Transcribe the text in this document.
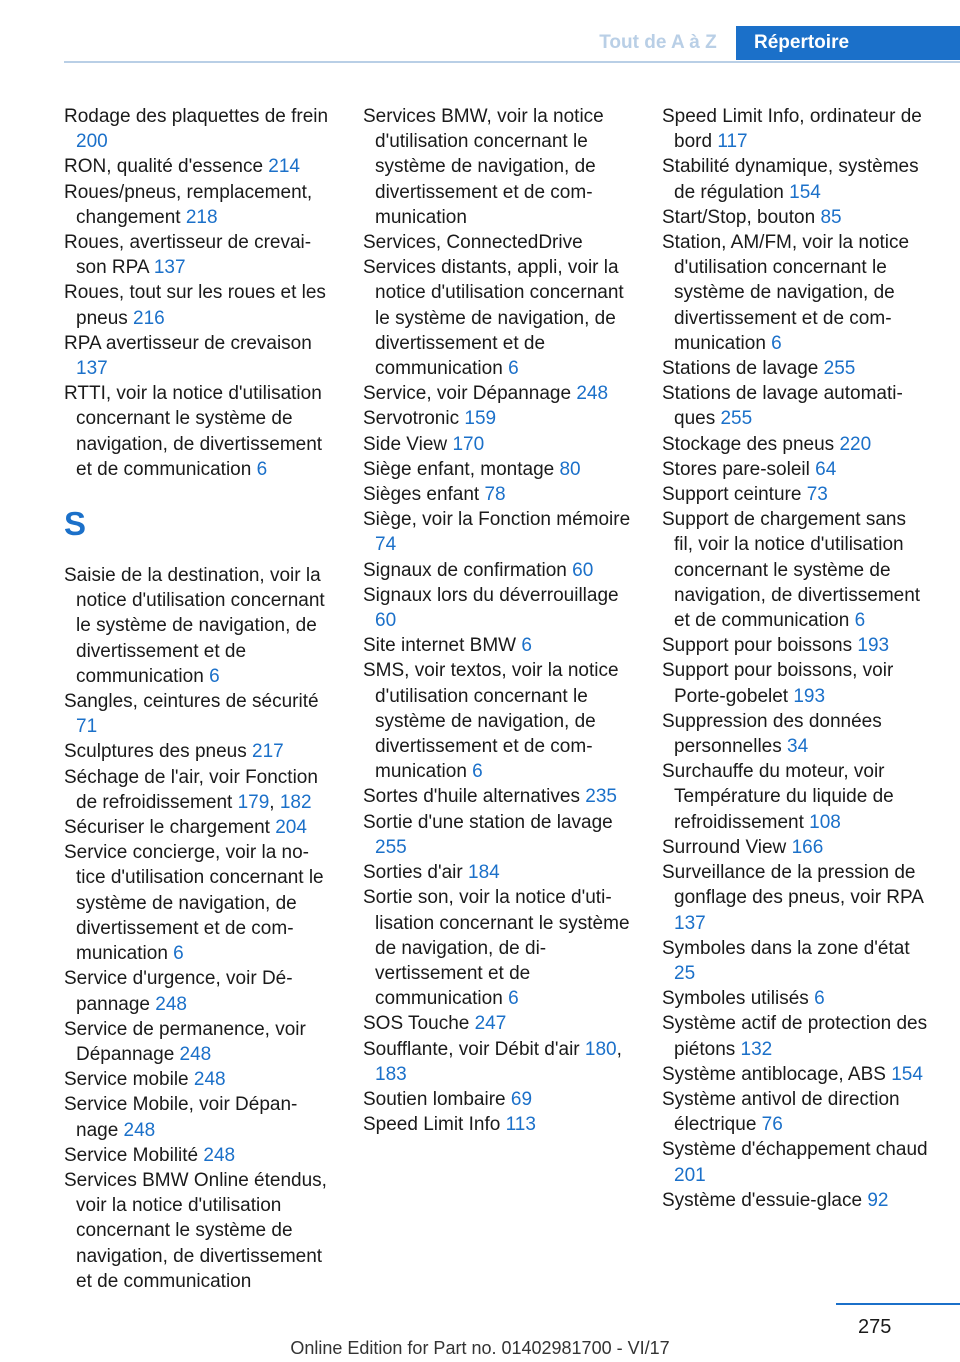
Tout de A à Z	Répertoire

Rodage des plaquettes de frein 200

RON, qualité d'essence 214

Roues/pneus, remplacement, changement 218

Roues, avertisseur de crevaison RPA 137

Roues, tout sur les roues et les pneus 216

RPA avertisseur de crevaison 137

RTTI, voir la notice d'utilisation concernant le système de navigation, de divertissement et de communication 6

S

Saisie de la destination, voir la notice d'utilisation concernant le système de navigation, de divertissement et de communication 6

Sangles, ceintures de sécurité 71

Sculptures des pneus 217

Séchage de l'air, voir Fonction de refroidissement 179, 182

Sécuriser le chargement 204

Service concierge, voir la notice d'utilisation concernant le système de navigation, de divertissement et de communication 6

Service d'urgence, voir Dépannage 248

Service de permanence, voir Dépannage 248

Service mobile 248

Service Mobile, voir Dépannage 248

Service Mobilité 248

Services BMW Online étendus, voir la notice d'utilisation concernant le système de navigation, de divertissement et de communication

Services BMW, voir la notice d'utilisation concernant le système de navigation, de divertissement et de communication

Services, ConnectedDrive

Services distants, appli, voir la notice d'utilisation concernant le système de navigation, de divertissement et de communication 6

Service, voir Dépannage 248

Servotronic 159

Side View 170

Siège enfant, montage 80

Sièges enfant 78

Siège, voir la Fonction mémoire 74

Signaux de confirmation 60

Signaux lors du déverrouillage 60

Site internet BMW 6

SMS, voir textos, voir la notice d'utilisation concernant le système de navigation, de divertissement et de communication 6

Sortes d'huile alternatives 235

Sortie d'une station de lavage 255

Sorties d'air 184

Sortie son, voir la notice d'utilisation concernant le système de navigation, de divertissement et de communication 6

SOS Touche 247

Soufflante, voir Débit d'air 180, 183

Soutien lombaire 69

Speed Limit Info 113

Speed Limit Info, ordinateur de bord 117

Stabilité dynamique, systèmes de régulation 154

Start/Stop, bouton 85

Station, AM/FM, voir la notice d'utilisation concernant le système de navigation, de divertissement et de communication 6

Stations de lavage 255

Stations de lavage automatiques 255

Stockage des pneus 220

Stores pare-soleil 64

Support ceinture 73

Support de chargement sans fil, voir la notice d'utilisation concernant le système de navigation, de divertissement et de communication 6

Support pour boissons 193

Support pour boissons, voir Porte-gobelet 193

Suppression des données personnelles 34

Surchauffe du moteur, voir Température du liquide de refroidissement 108

Surround View 166

Surveillance de la pression de gonflage des pneus, voir RPA 137

Symboles dans la zone d'état 25

Symboles utilisés 6

Système actif de protection des piétons 132

Système antiblocage, ABS 154

Système antivol de direction électrique 76

Système d'échappement chaud 201

Système d'essuie-glace 92

275
Online Edition for Part no. 01402981700 - VI/17
